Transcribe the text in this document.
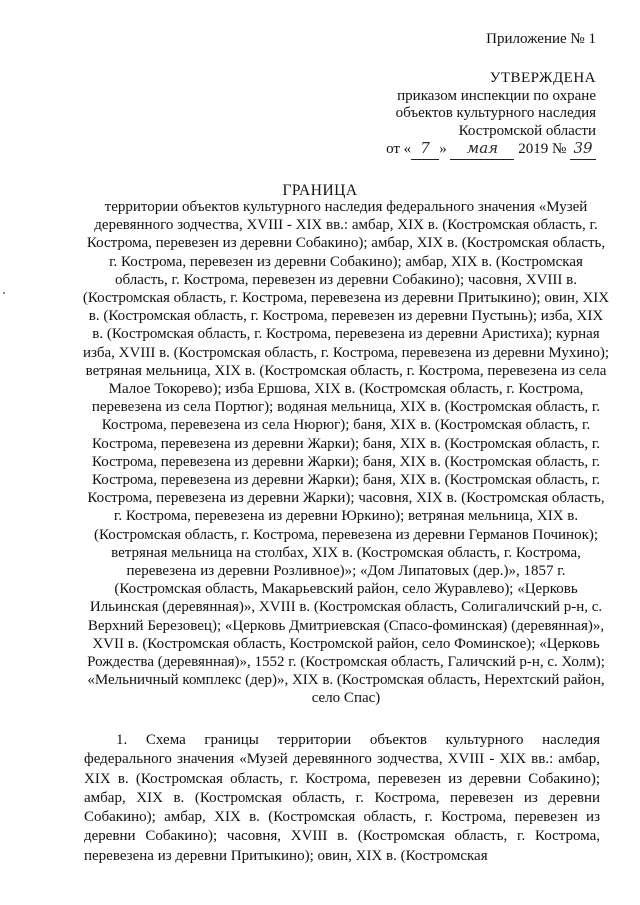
Приложение № 1
УТВЕРЖДЕНА
приказом инспекции по охране
объектов культурного наследия
Костромской области
от « 7 » мая 2019 № 39
ГРАНИЦА
территории объектов культурного наследия федерального значения «Музей деревянного зодчества, XVIII - XIX вв.: амбар, XIX в. (Костромская область, г. Кострома, перевезен из деревни Собакино); амбар, XIX в. (Костромская область, г. Кострома, перевезен из деревни Собакино); амбар, XIX в. (Костромская область, г. Кострома, перевезен из деревни Собакино); часовня, XVIII в. (Костромская область, г. Кострома, перевезена из деревни Притыкино); овин, XIX в. (Костромская область, г. Кострома, перевезен из деревни Пустынь); изба, XIX в. (Костромская область, г. Кострома, перевезена из деревни Аристиха); курная изба, XVIII в. (Костромская область, г. Кострома, перевезена из деревни Мухино); ветряная мельница, XIX в. (Костромская область, г. Кострома, перевезена из села Малое Токорево); изба Ершова, XIX в. (Костромская область, г. Кострома, перевезена из села Портюг); водяная мельница, XIX в. (Костромская область, г. Кострома, перевезена из села Нюрюг); баня, XIX в. (Костромская область, г. Кострома, перевезена из деревни Жарки); баня, XIX в. (Костромская область, г. Кострома, перевезена из деревни Жарки); баня, XIX в. (Костромская область, г. Кострома, перевезена из деревни Жарки); баня, XIX в. (Костромская область, г. Кострома, перевезена из деревни Жарки); часовня, XIX в. (Костромская область, г. Кострома, перевезена из деревни Юркино); ветряная мельница, XIX в. (Костромская область, г. Кострома, перевезена из деревни Германов Починок); ветряная мельница на столбах, XIX в. (Костромская область, г. Кострома, перевезена из деревни Розливное)»; «Дом Липатовых (дер.)», 1857 г. (Костромская область, Макарьевский район, село Журавлево); «Церковь Ильинская (деревянная)», XVIII в. (Костромская область, Солигаличский р-н, с. Верхний Березовец); «Церковь Дмитриевская (Спасо-фоминская) (деревянная)», XVII в. (Костромская область, Костромской район, село Фоминское); «Церковь Рождества (деревянная)», 1552 г. (Костромская область, Галичский р-н, с. Холм); «Мельничный комплекс (дер)», XIX в. (Костромская область, Нерехтский район, село Спас)
1. Схема границы территории объектов культурного наследия федерального значения «Музей деревянного зодчества, XVIII - XIX вв.: амбар, XIX в. (Костромская область, г. Кострома, перевезен из деревни Собакино); амбар, XIX в. (Костромская область, г. Кострома, перевезен из деревни Собакино); амбар, XIX в. (Костромская область, г. Кострома, перевезен из деревни Собакино); часовня, XVIII в. (Костромская область, г. Кострома, перевезена из деревни Притыкино); овин, XIX в. (Костромская
